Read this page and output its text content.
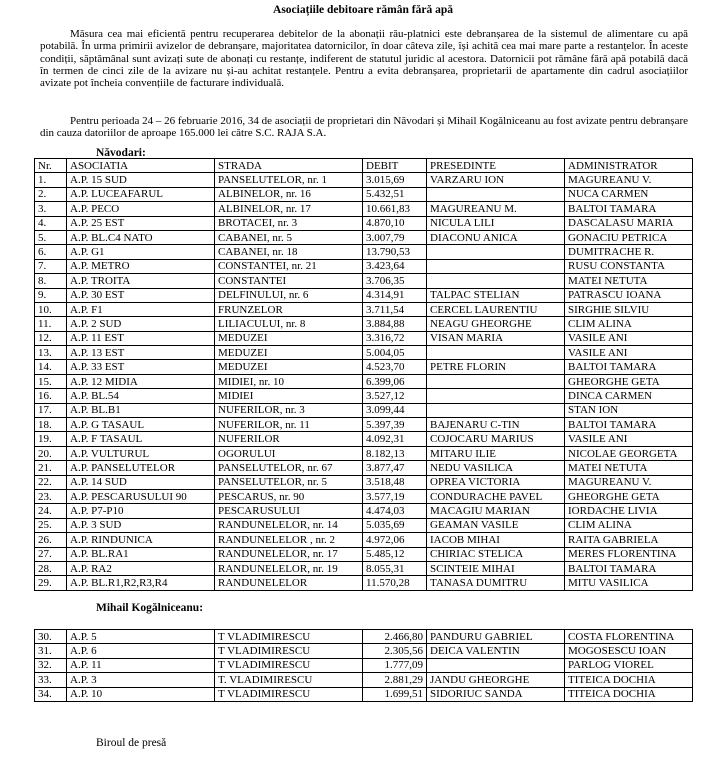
Asociațiile debitoare rămân fără apă

Măsura cea mai eficientă pentru recuperarea debitelor de la abonații rău-platnici este debranșarea de la sistemul de alimentare cu apă potabilă. În urma primirii avizelor de debranșare, majoritatea datornicilor, în doar câteva zile, își achită cea mai mare parte a restanțelor. În aceste condiții, săptămânal sunt avizați sute de abonați cu restanțe, indiferent de statutul juridic al acestora. Datornicii pot rămâne fără apă potabilă dacă în termen de cinci zile de la avizare nu și-au achitat restanțele. Pentru a evita debranșarea, proprietarii de apartamente din cadrul asociațiilor avizate pot încheia convențiile de facturare individuală.

Pentru perioada 24 – 26 februarie 2016, 34 de asociații de proprietari din Năvodari și Mihail Kogălniceanu au fost avizate pentru debranșare din cauza datoriilor de aproape 165.000 lei către S.C. RAJA S.A.

Năvodari:
Nr.	ASOCIATIA	STRADA	DEBIT	PRESEDINTE	ADMINISTRATOR
1.	A.P. 15 SUD	PANSELUTELOR, nr. 1	3.015,69	VARZARU ION	MAGUREANU V.
2.	A.P. LUCEAFARUL	ALBINELOR, nr. 16	5.432,51		NUCA CARMEN
3.	A.P. PECO	ALBINELOR, nr. 17	10.661,83	MAGUREANU M.	BALTOI TAMARA
4.	A.P. 25 EST	BROTACEI, nr. 3	4.870,10	NICULA LILI	DASCALASU MARIA
5.	A.P. BL.C4 NATO	CABANEI, nr. 5	3.007,79	DIACONU ANICA	GONACIU PETRICA
6.	A.P. G1	CABANEI, nr. 18	13.790,53		DUMITRACHE R.
7.	A.P. METRO	CONSTANTEI, nr. 21	3.423,64		RUSU CONSTANTA
8.	A.P. TROITA	CONSTANTEI	3.706,35		MATEI NETUTA
9.	A.P. 30 EST	DELFINULUI, nr. 6	4.314,91	TALPAC STELIAN	PATRASCU IOANA
10.	A.P. F1	FRUNZELOR	3.711,54	CERCEL LAURENTIU	SIRGHIE SILVIU
11.	A.P. 2 SUD	LILIACULUI, nr. 8	3.884,88	NEAGU GHEORGHE	CLIM ALINA
12.	A.P. 11 EST	MEDUZEI	3.316,72	VISAN MARIA	VASILE ANI
13.	A.P. 13 EST	MEDUZEI	5.004,05		VASILE ANI
14.	A.P. 33 EST	MEDUZEI	4.523,70	PETRE FLORIN	BALTOI TAMARA
15.	A.P. 12 MIDIA	MIDIEI, nr. 10	6.399,06		GHEORGHE GETA
16.	A.P. BL.54	MIDIEI	3.527,12		DINCA CARMEN
17.	A.P. BL.B1	NUFERILOR, nr. 3	3.099,44		STAN ION
18.	A.P. G TASAUL	NUFERILOR, nr. 11	5.397,39	BAJENARU C-TIN	BALTOI TAMARA
19.	A.P. F TASAUL	NUFERILOR	4.092,31	COJOCARU MARIUS	VASILE ANI
20.	A.P. VULTURUL	OGORULUI	8.182,13	MITARU ILIE	NICOLAE GEORGETA
21.	A.P. PANSELUTELOR	PANSELUTELOR, nr. 67	3.877,47	NEDU VASILICA	MATEI NETUTA
22.	A.P. 14 SUD	PANSELUTELOR, nr. 5	3.518,48	OPREA VICTORIA	MAGUREANU V.
23.	A.P. PESCARUSULUI 90	PESCARUS, nr. 90	3.577,19	CONDURACHE PAVEL	GHEORGHE GETA
24.	A.P. P7-P10	PESCARUSULUI	4.474,03	MACAGIU MARIAN	IORDACHE LIVIA
25.	A.P. 3 SUD	RANDUNELELOR, nr. 14	5.035,69	GEAMAN VASILE	CLIM ALINA
26.	A.P. RINDUNICA	RANDUNELELOR , nr. 2	4.972,06	IACOB MIHAI	RAITA GABRIELA
27.	A.P. BL.RA1	RANDUNELELOR, nr. 17	5.485,12	CHIRIAC STELICA	MERES FLORENTINA
28.	A.P. RA2	RANDUNELELOR, nr. 19	8.055,31	SCINTEIE MIHAI	BALTOI TAMARA
29.	A.P. BL.R1,R2,R3,R4	RANDUNELELOR	11.570,28	TANASA DUMITRU	MITU VASILICA
Mihail Kogălniceanu:
30.	A.P. 5	T VLADIMIRESCU	2.466,80	PANDURU GABRIEL	COSTA FLORENTINA
31.	A.P. 6	T VLADIMIRESCU	2.305,56	DEICA VALENTIN	MOGOSESCU IOAN
32.	A.P. 11	T VLADIMIRESCU	1.777,09		PARLOG VIOREL
33.	A.P. 3	T. VLADIMIRESCU	2.881,29	JANDU GHEORGHE	TITEICA DOCHIA
34.	A.P. 10	T VLADIMIRESCU	1.699,51	SIDORIUC SANDA	TITEICA DOCHIA
Biroul de presă
